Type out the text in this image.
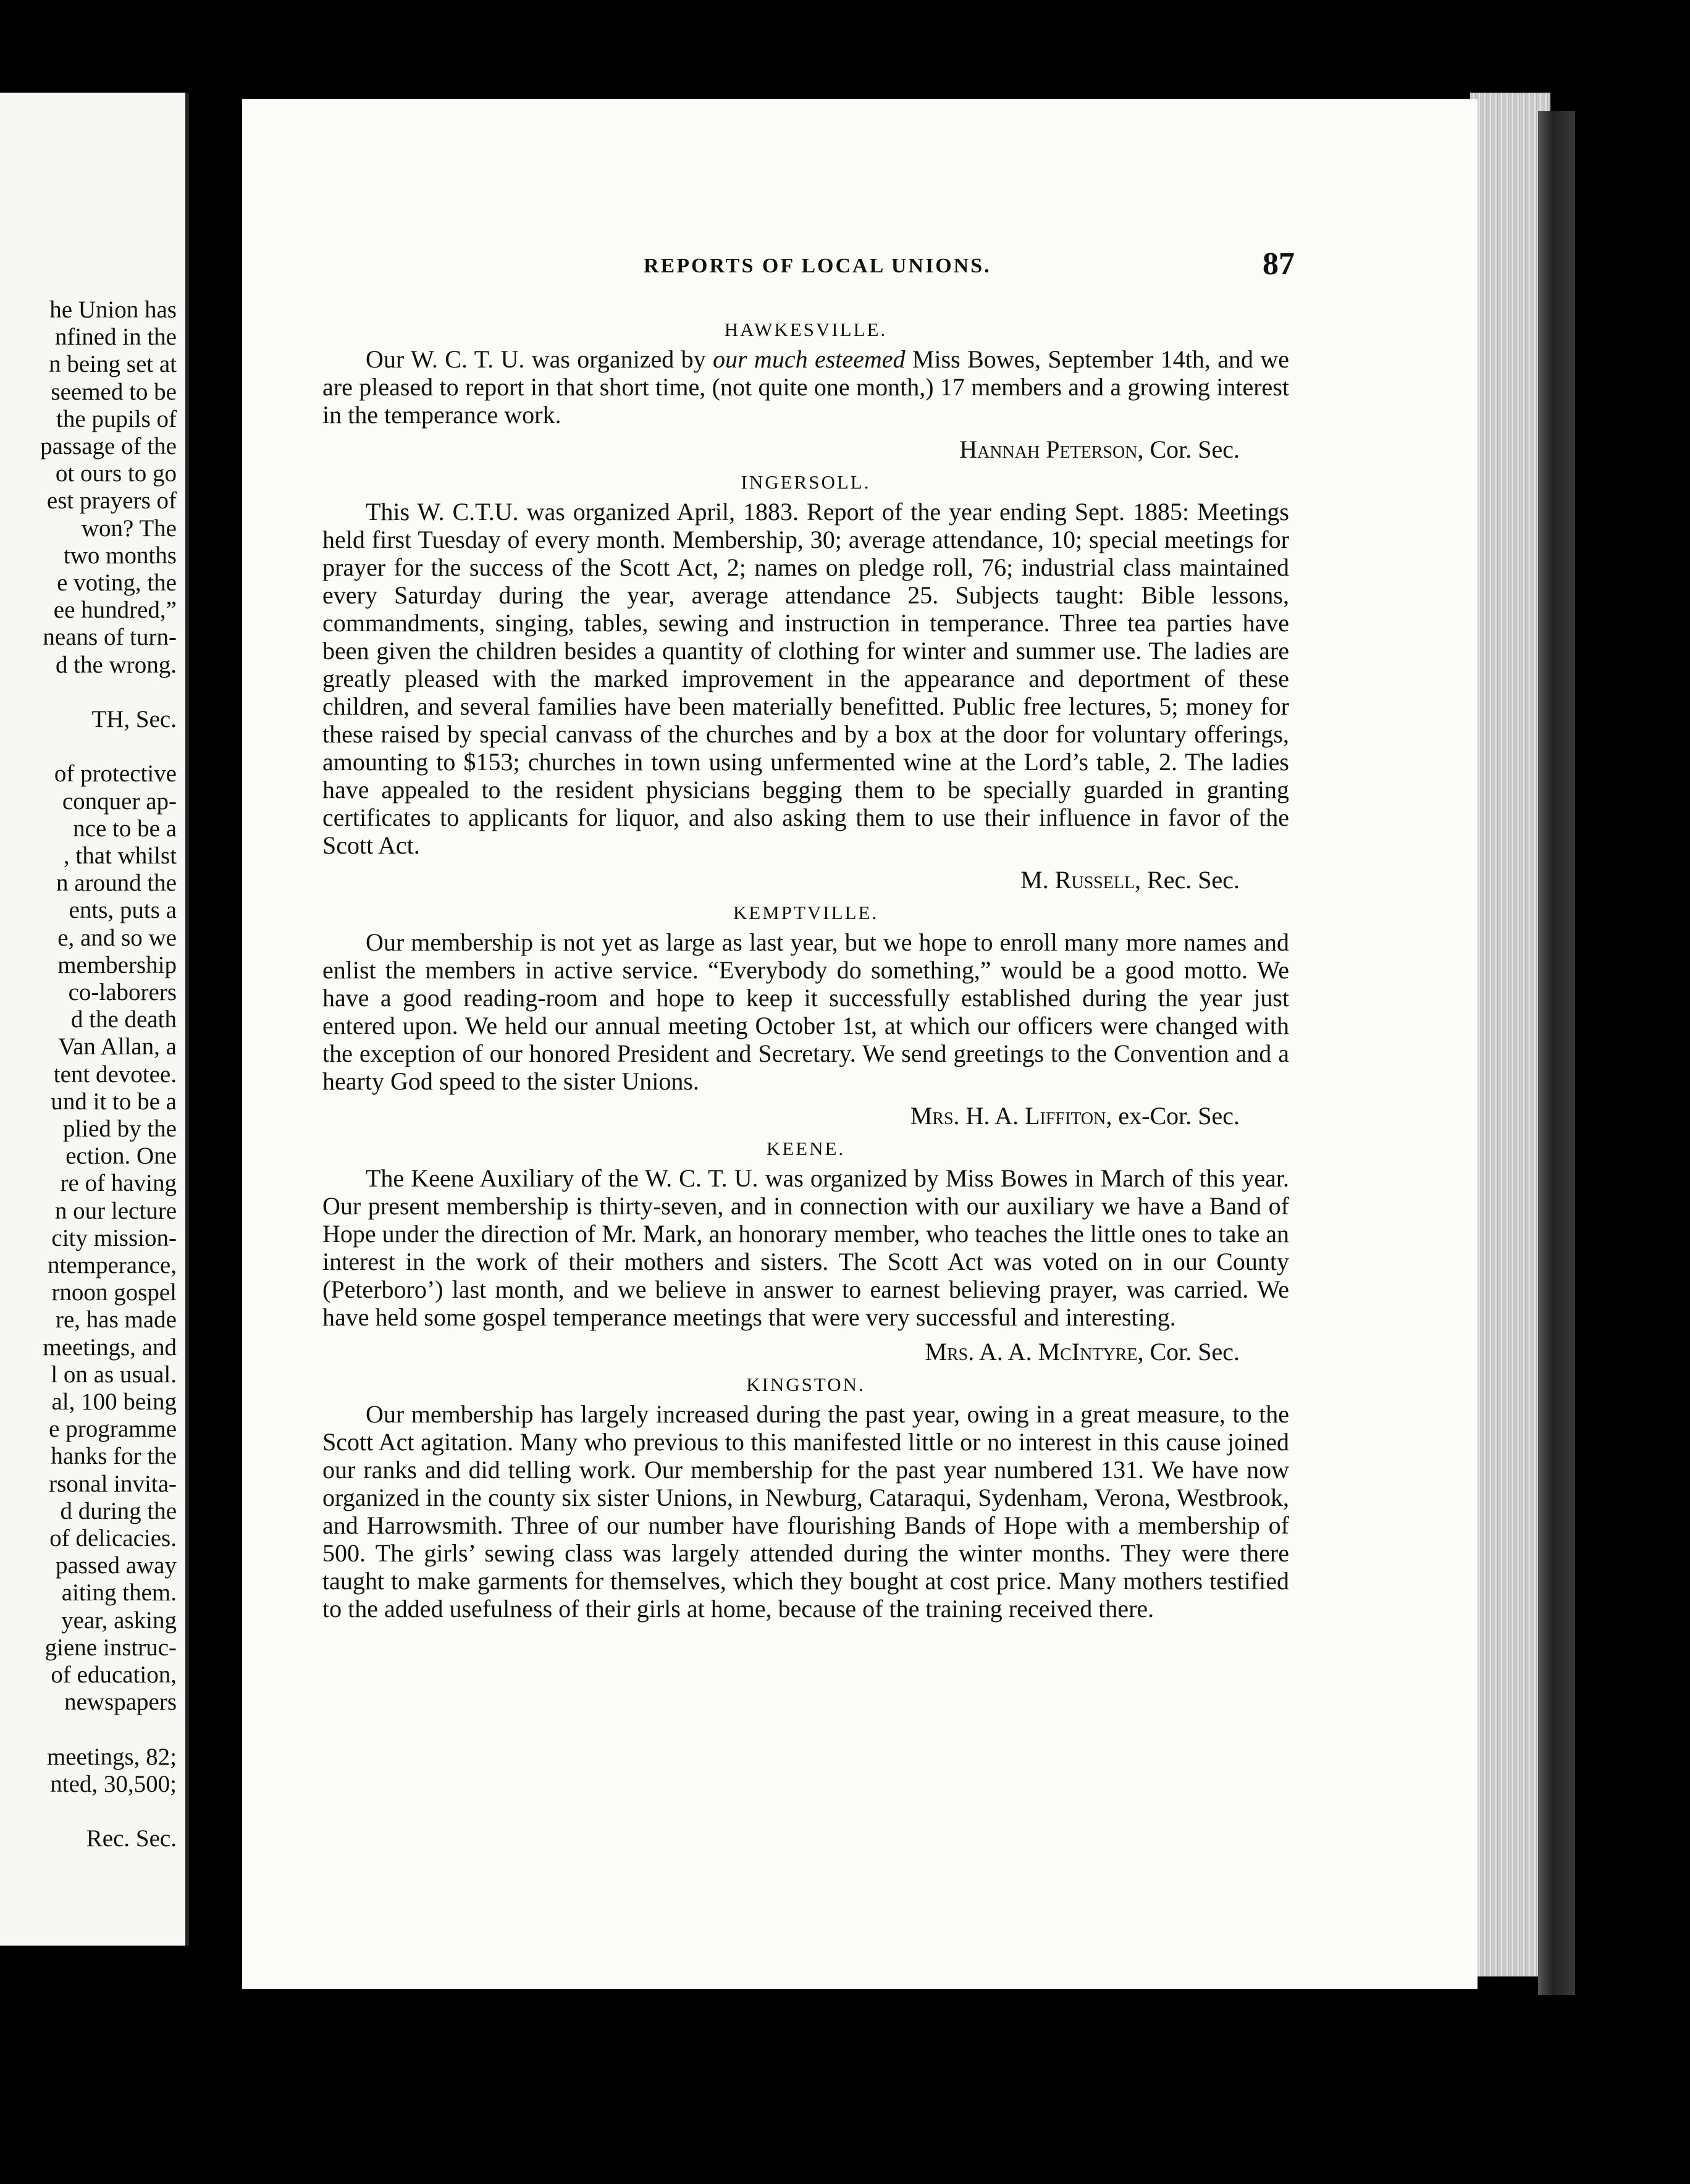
he Union has
nfined in the
n being set at
seemed to be
the pupils of
passage of the
ot ours to go
est prayers of
won? The
two months
e voting, the
ee hundred,”
neans of turn-
d the wrong.
TH, Sec.
of protective
conquer ap-
nce to be a
, that whilst
n around the
ents, puts a
e, and so we
membership
co-laborers
d the death
Van Allan, a
tent devotee.
und it to be a
plied by the
ection. One
re of having
n our lecture
city mission-
ntemperance,
rnoon gospel
re, has made
meetings, and
l on as usual.
al, 100 being
e programme
hanks for the
rsonal invita-
d during the
of delicacies.
passed away
aiting them.
year, asking
giene instruc-
of education,
newspapers
meetings, 82;
nted, 30,500;
Rec. Sec.
REPORTS OF LOCAL UNIONS.	87
HAWKESVILLE.

Our W. C. T. U. was organized by our much esteemed Miss Bowes, September 14th, and we are pleased to report in that short time, (not quite one month,) 17 members and a growing interest in the temperance work.

Hannah Peterson, Cor. Sec.
INGERSOLL.

This W. C.T.U. was organized April, 1883. Report of the year ending Sept. 1885: Meetings held first Tuesday of every month. Membership, 30; average attendance, 10; special meetings for prayer for the success of the Scott Act, 2; names on pledge roll, 76; industrial class maintained every Saturday during the year, average attendance 25. Subjects taught: Bible lessons, commandments, singing, tables, sewing and instruction in temperance. Three tea parties have been given the children besides a quantity of clothing for winter and summer use. The ladies are greatly pleased with the marked improvement in the appearance and deportment of these children, and several families have been materially benefitted. Public free lectures, 5; money for these raised by special canvass of the churches and by a box at the door for voluntary offerings, amounting to $153; churches in town using unfermented wine at the Lord’s table, 2. The ladies have appealed to the resident physicians begging them to be specially guarded in granting certificates to applicants for liquor, and also asking them to use their influence in favor of the Scott Act.

M. Russell, Rec. Sec.
KEMPTVILLE.

Our membership is not yet as large as last year, but we hope to enroll many more names and enlist the members in active service. “Everybody do something,” would be a good motto. We have a good reading-room and hope to keep it successfully established during the year just entered upon. We held our annual meeting October 1st, at which our officers were changed with the exception of our honored President and Secretary. We send greetings to the Convention and a hearty God speed to the sister Unions.

Mrs. H. A. Liffiton, ex-Cor. Sec.
KEENE.

The Keene Auxiliary of the W. C. T. U. was organized by Miss Bowes in March of this year. Our present membership is thirty-seven, and in connection with our auxiliary we have a Band of Hope under the direction of Mr. Mark, an honorary member, who teaches the little ones to take an interest in the work of their mothers and sisters. The Scott Act was voted on in our County (Peterboro’) last month, and we believe in answer to earnest believing prayer, was carried. We have held some gospel temperance meetings that were very successful and interesting.

Mrs. A. A. McIntyre, Cor. Sec.
KINGSTON.

Our membership has largely increased during the past year, owing in a great measure, to the Scott Act agitation. Many who previous to this manifested little or no interest in this cause joined our ranks and did telling work. Our membership for the past year numbered 131. We have now organized in the county six sister Unions, in Newburg, Cataraqui, Sydenham, Verona, Westbrook, and Harrowsmith. Three of our number have flourishing Bands of Hope with a membership of 500. The girls’ sewing class was largely attended during the winter months. They were there taught to make garments for themselves, which they bought at cost price. Many mothers testified to the added usefulness of their girls at home, because of the training received there.
